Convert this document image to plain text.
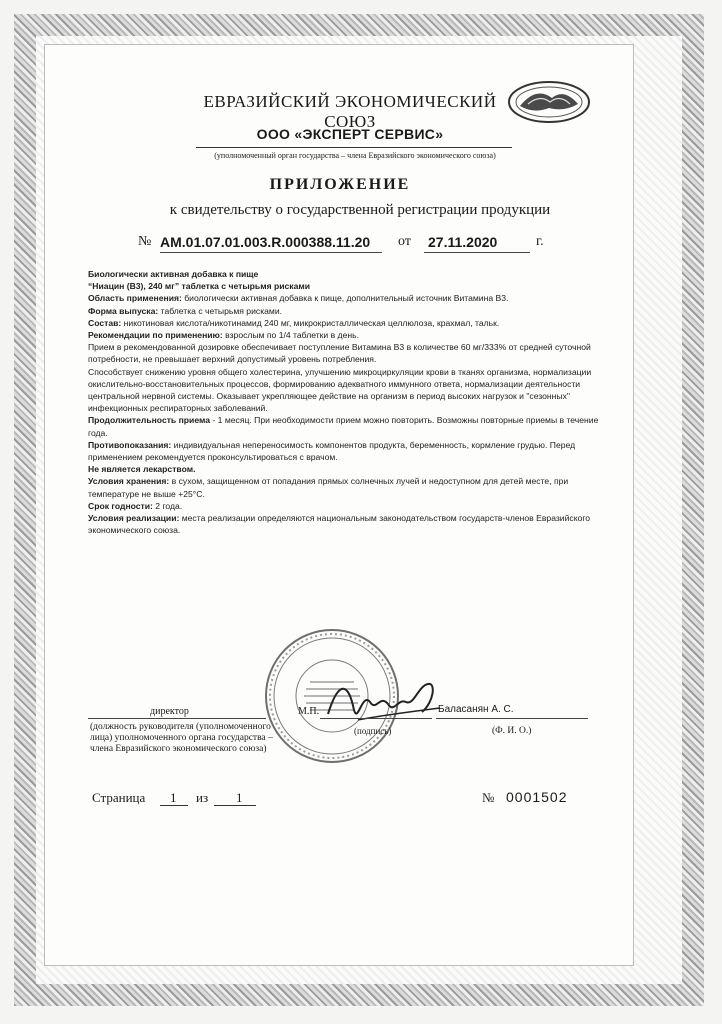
ЕВРАЗИЙСКИЙ ЭКОНОМИЧЕСКИЙ СОЮЗ
ООО «ЭКСПЕРТ СЕРВИС»
(уполномоченный орган государства – члена Евразийского экономического союза)
ПРИЛОЖЕНИЕ
к свидетельству о государственной регистрации продукции
№ АМ.01.07.01.003.R.000388.11.20 от 27.11.2020	г.

Биологически активная добавка к пище

“Ниацин (В3), 240 мг” таблетка с четырьмя рисками

Область применения: биологически активная добавка к пище, дополнительный источник Витамина В3.

Форма выпуска: таблетка с четырьмя рисками.

Состав: никотиновая кислота/никотинамид 240 мг, микрокристаллическая целлюлоза, крахмал, тальк.

Рекомендации по применению: взрослым по 1/4 таблетки в день.

Прием в рекомендованной дозировке обеспечивает поступление Витамина В3 в количестве 60 мг/333% от средней суточной потребности, не превышает верхний допустимый уровень потребления.

Способствует снижению уровня общего холестерина, улучшению микроциркуляции крови в тканях организма, нормализации окислительно-восстановительных процессов, формированию адекватного иммунного ответа, нормализации деятельности центральной нервной системы. Оказывает укрепляющее действие на организм в период высоких нагрузок и "сезонных" инфекционных респираторных заболеваний.

Продолжительность приема - 1 месяц. При необходимости прием можно повторить. Возможны повторные приемы в течение года.

Противопоказания: индивидуальная непереносимость компонентов продукта, беременность, кормление грудью. Перед применением рекомендуется проконсультироваться с врачом.

Не является лекарством.

Условия хранения: в сухом, защищенном от попадания прямых солнечных лучей и недоступном для детей месте, при температуре не выше +25°С.

Срок годности: 2 года.

Условия реализации: места реализации определяются национальным законодательством государств-членов Евразийского экономического союза.

директор	М.П.	Баласанян А. С.
(должность руководителя (уполномоченного лица) уполномоченного органа государства – члена Евразийского экономического союза)
(подпись)	(Ф. И. О.)
Страница 1 из 1	№ 0001502
